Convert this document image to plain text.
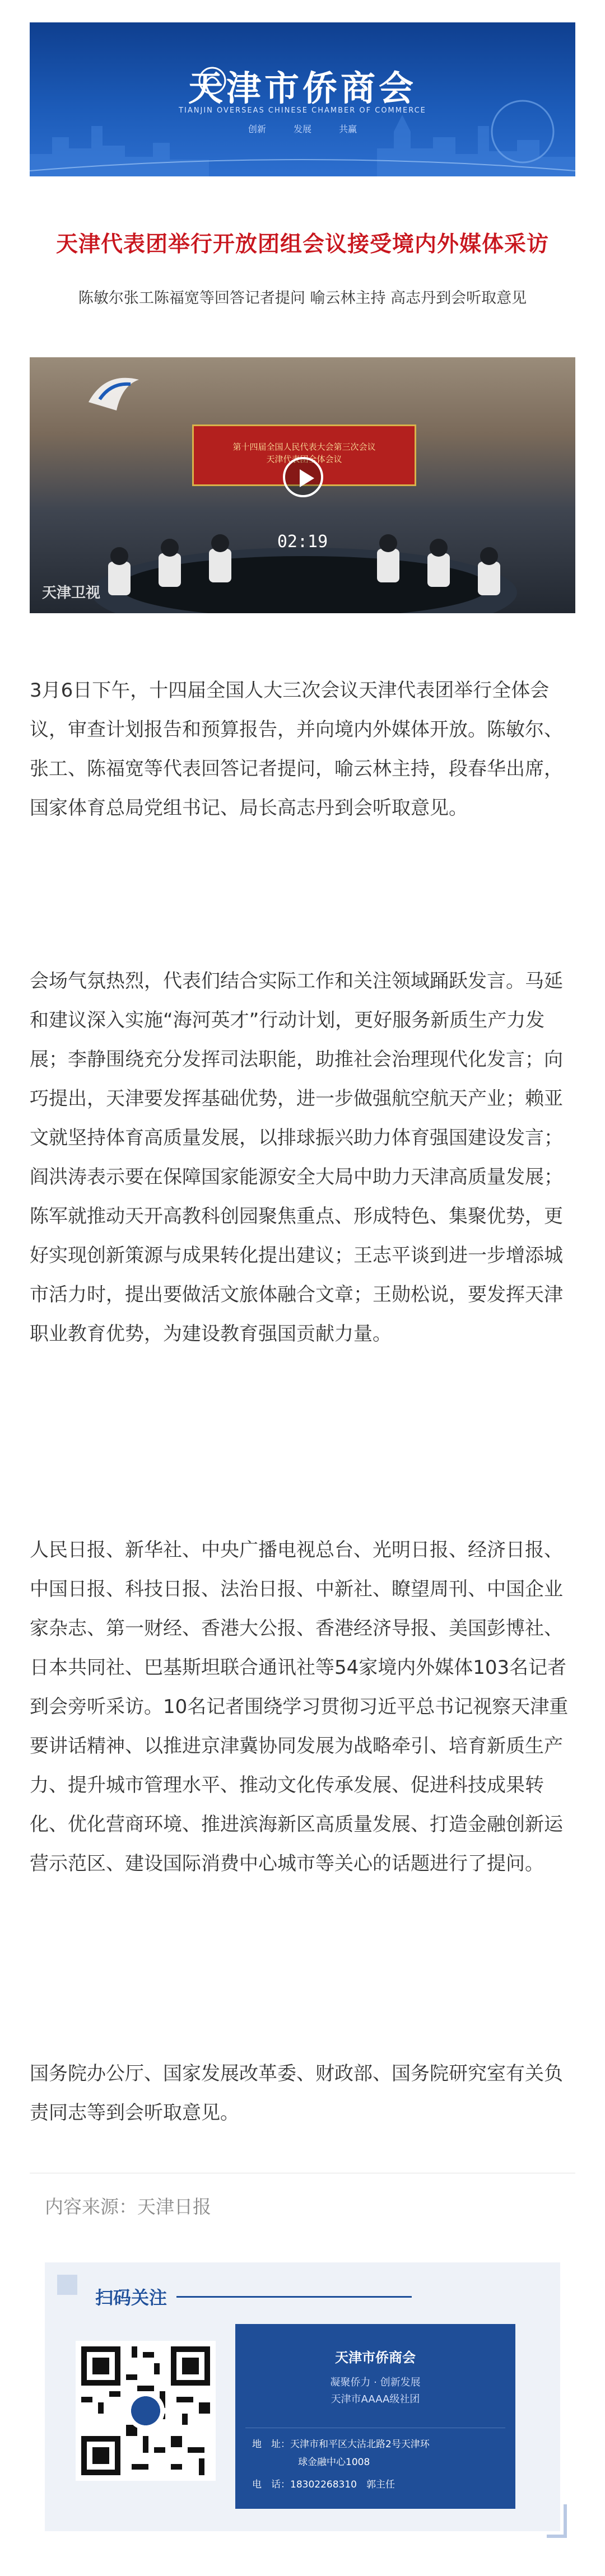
天津市侨商会
TIANJIN OVERSEAS CHINESE CHAMBER OF COMMERCE
创新	发展	共赢
天津代表团举行开放团组会议接受境内外媒体采访
陈敏尔张工陈福宽等回答记者提问 喻云林主持 高志丹到会听取意见
第十四届全国人民代表大会第三次会议
天津代表团全体会议
02:19
天津卫视
3月6日下午，十四届全国人大三次会议天津代表团举行全体会议，审查计划报告和预算报告，并向境内外媒体开放。陈敏尔、张工、陈福宽等代表回答记者提问，喻云林主持，段春华出席，国家体育总局党组书记、局长高志丹到会听取意见。
会场气氛热烈，代表们结合实际工作和关注领域踊跃发言。马延和建议深入实施“海河英才”行动计划，更好服务新质生产力发展；李静围绕充分发挥司法职能，助推社会治理现代化发言；向巧提出，天津要发挥基础优势，进一步做强航空航天产业；赖亚文就坚持体育高质量发展，以排球振兴助力体育强国建设发言；阎洪涛表示要在保障国家能源安全大局中助力天津高质量发展；陈军就推动天开高教科创园聚焦重点、形成特色、集聚优势，更好实现创新策源与成果转化提出建议；王志平谈到进一步增添城市活力时，提出要做活文旅体融合文章；王勋松说，要发挥天津职业教育优势，为建设教育强国贡献力量。
人民日报、新华社、中央广播电视总台、光明日报、经济日报、中国日报、科技日报、法治日报、中新社、瞭望周刊、中国企业家杂志、第一财经、香港大公报、香港经济导报、美国彭博社、日本共同社、巴基斯坦联合通讯社等54家境内外媒体103名记者到会旁听采访。10名记者围绕学习贯彻习近平总书记视察天津重要讲话精神、以推进京津冀协同发展为战略牵引、培育新质生产力、提升城市管理水平、推动文化传承发展、促进科技成果转化、优化营商环境、推进滨海新区高质量发展、打造金融创新运营示范区、建设国际消费中心城市等关心的话题进行了提问。
国务院办公厅、国家发展改革委、财政部、国务院研究室有关负责同志等到会听取意见。
内容来源：天津日报
扫码关注
天津市侨商会
凝聚侨力 · 创新发展
天津市AAAA级社团
地　址：天津市和平区大沽北路2号天津环
球金融中心1008
电　话：18302268310　郭主任
